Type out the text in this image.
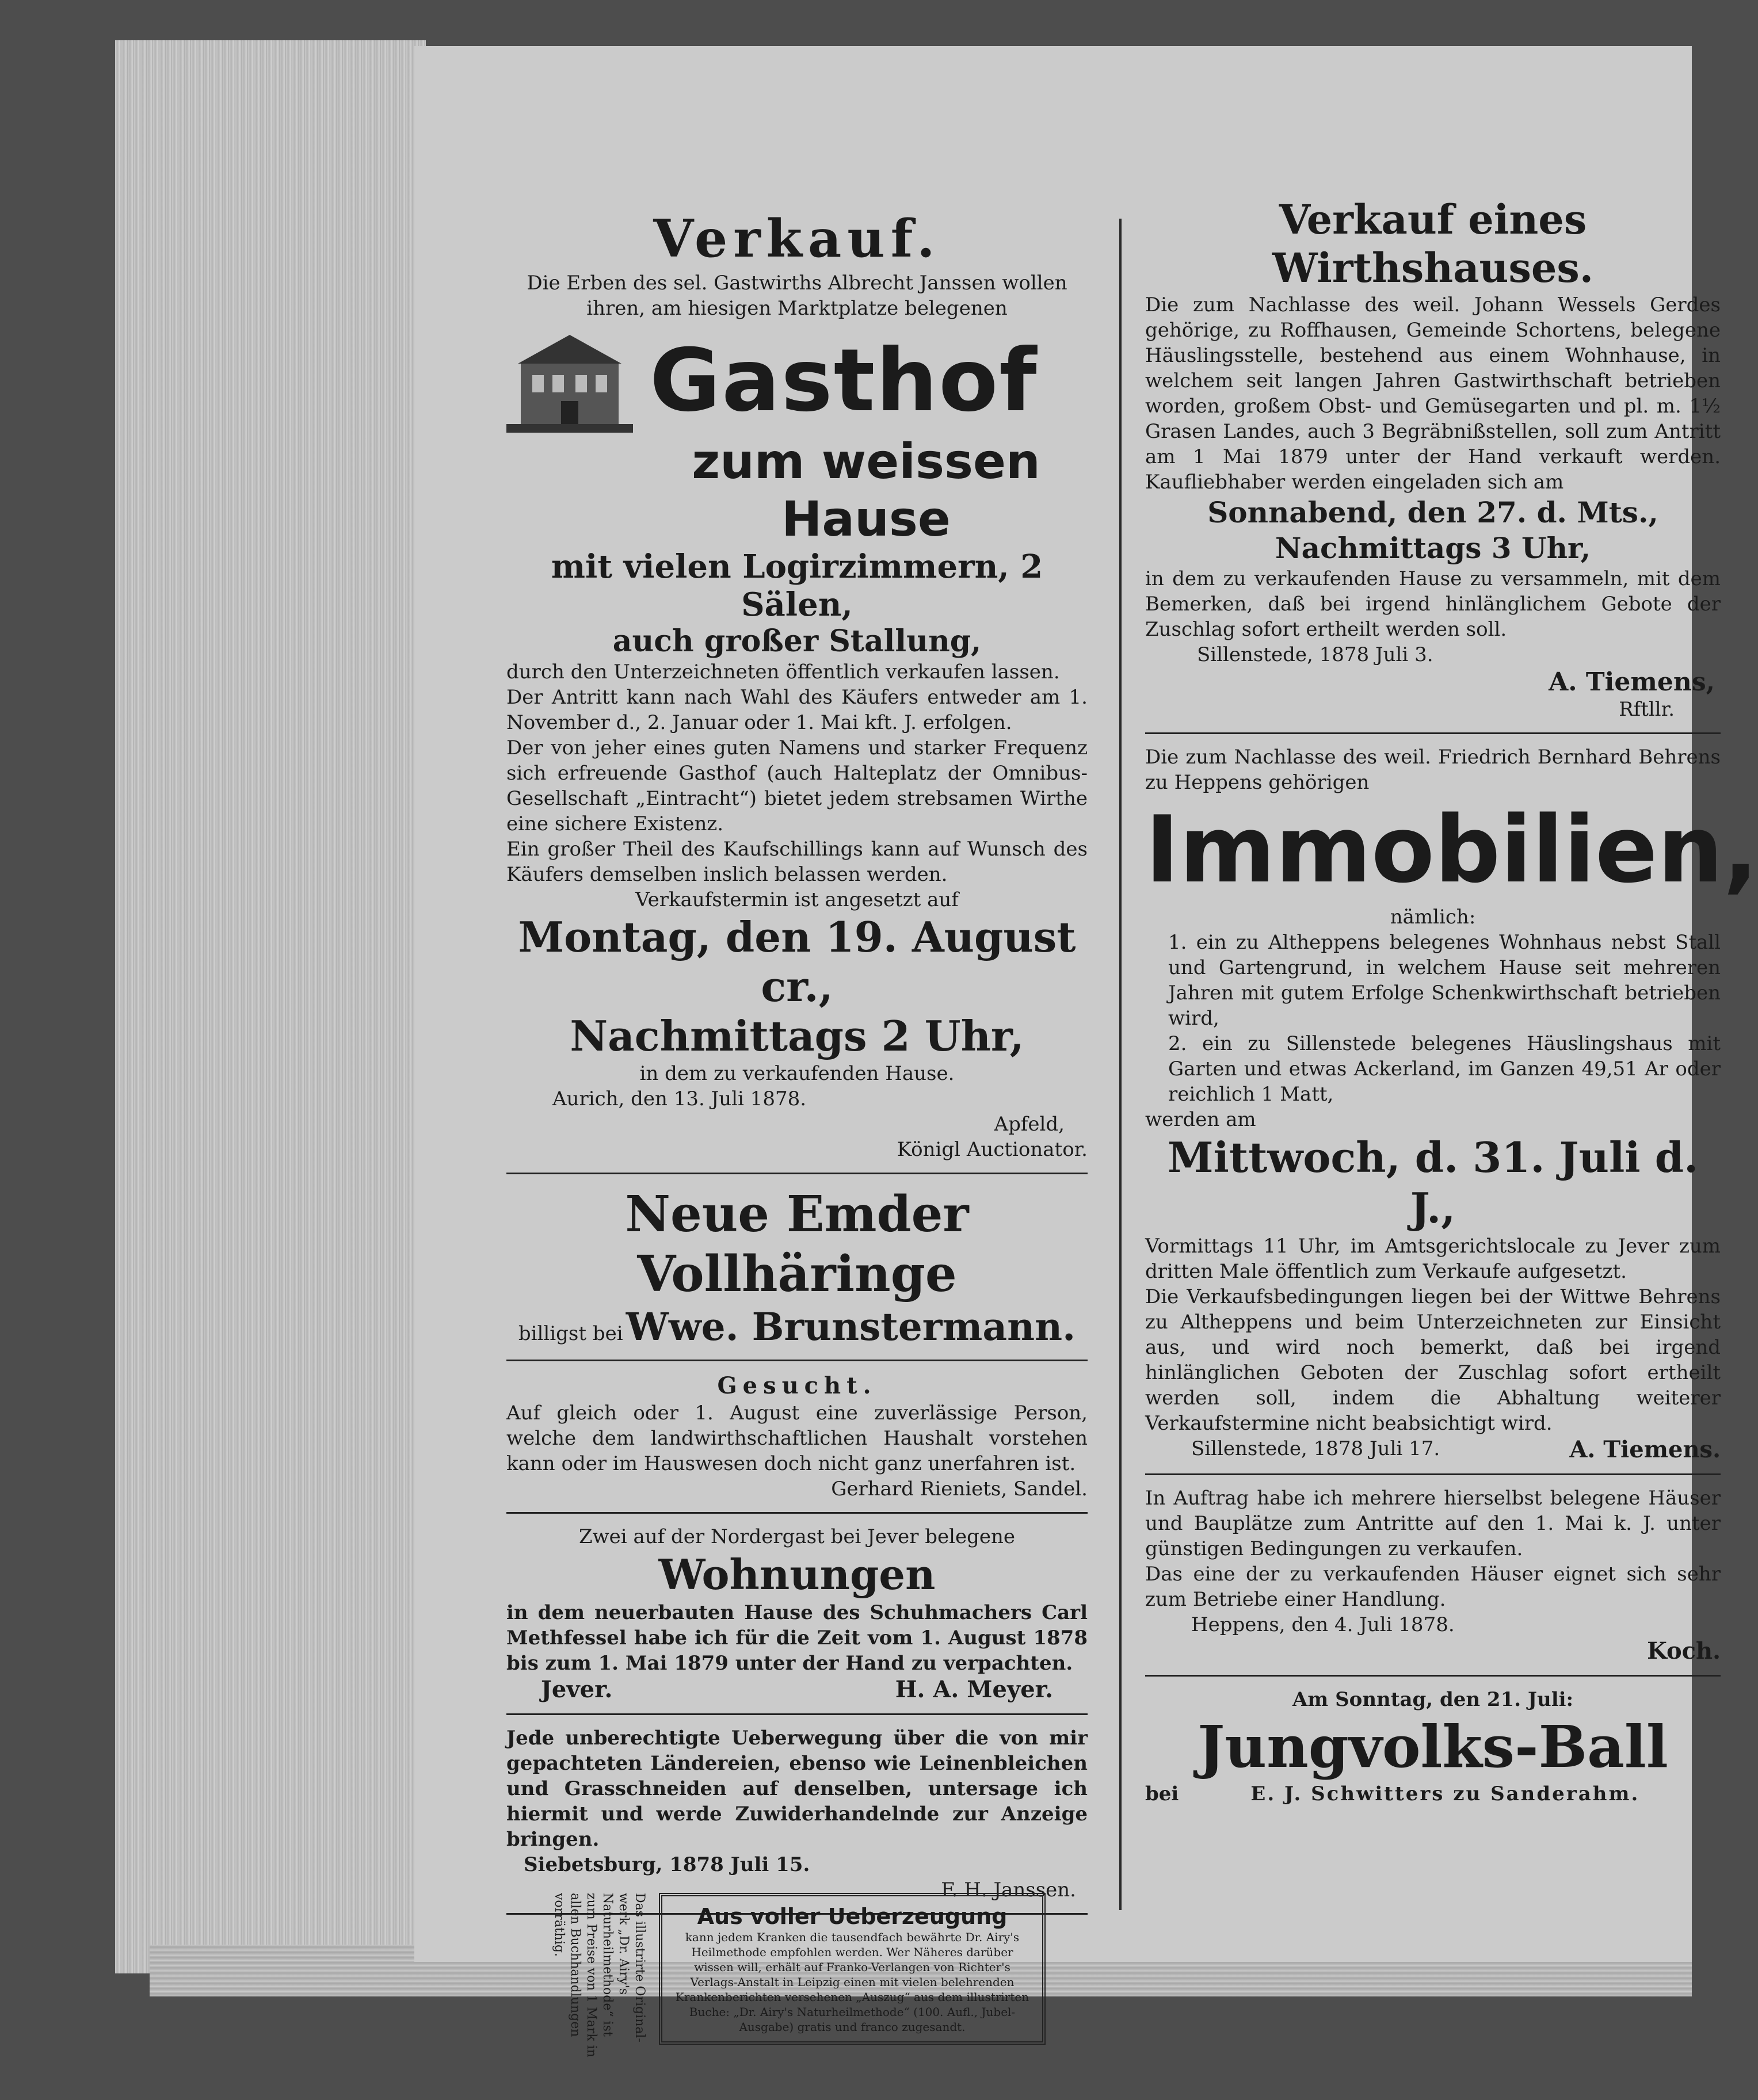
Verkauf.

Die Erben des sel. Gastwirths Albrecht Janssen wollen ihren, am hiesigen Marktplatze belegenen

Gasthof

zum weissen Hause

mit vielen Logirzimmern, 2 Sälen,

auch großer Stallung,

durch den Unterzeichneten öffentlich verkaufen lassen.

Der Antritt kann nach Wahl des Käufers entweder am 1. November d., 2. Januar oder 1. Mai kft. J. erfolgen.

Der von jeher eines guten Namens und starker Frequenz sich erfreuende Gasthof (auch Halteplatz der Omnibus-Gesellschaft „Eintracht“) bietet jedem strebsamen Wirthe eine sichere Existenz.

Ein großer Theil des Kaufschillings kann auf Wunsch des Käufers demselben inslich belassen werden.

Verkaufstermin ist angesetzt auf

Montag, den 19. August cr.,

Nachmittags 2 Uhr,

in dem zu verkaufenden Hause.

Aurich, den 13. Juli 1878.

Apfeld,

Königl Auctionator.

Neue Emder Vollhäringe

billigst bei Wwe. Brunstermann.

Gesucht.

Auf gleich oder 1. August eine zuverlässige Person, welche dem landwirthschaftlichen Haushalt vorstehen kann oder im Hauswesen doch nicht ganz unerfahren ist.

Gerhard Rieniets, Sandel.

Zwei auf der Nordergast bei Jever belegene

Wohnungen

in dem neuerbauten Hause des Schuhmachers Carl Methfessel habe ich für die Zeit vom 1. August 1878 bis zum 1. Mai 1879 unter der Hand zu verpachten.

Jever.	H. A. Meyer.

Jede unberechtigte Ueberwegung über die von mir gepachteten Ländereien, ebenso wie Leinenbleichen und Grasschneiden auf denselben, untersage ich hiermit und werde Zuwiderhandelnde zur Anzeige bringen.

Siebetsburg, 1878 Juli 15.

F. H. Janssen.

Das illustrirte Original-werk „Dr. Airy's Naturheilmethode“ ist zum Preise von 1 Mark in allen Buchhandlungen vorräthig.	Aus voller Ueberzeugung

kann jedem Kranken die tausendfach bewährte Dr. Airy's Heilmethode empfohlen werden. Wer Näheres darüber wissen will, erhält auf Franko-Verlangen von Richter's Verlags-Anstalt in Leipzig einen mit vielen belehrenden Krankenberichten versehenen „Auszug“ aus dem illustrirten Buche: „Dr. Airy's Naturheilmethode“ (100. Aufl., Jubel-Ausgabe) gratis und franco zugesandt.

Verkauf eines Wirthshauses.

Die zum Nachlasse des weil. Johann Wessels Gerdes gehörige, zu Roffhausen, Gemeinde Schortens, belegene Häuslingsstelle, bestehend aus einem Wohnhause, in welchem seit langen Jahren Gastwirthschaft betrieben worden, großem Obst- und Gemüsegarten und pl. m. 1½ Grasen Landes, auch 3 Begräbnißstellen, soll zum Antritt am 1 Mai 1879 unter der Hand verkauft werden. Kaufliebhaber werden eingeladen sich am

Sonnabend, den 27. d. Mts.,

Nachmittags 3 Uhr,

in dem zu verkaufenden Hause zu versammeln, mit dem Bemerken, daß bei irgend hinlänglichem Gebote der Zuschlag sofort ertheilt werden soll.

Sillenstede, 1878 Juli 3.

A. Tiemens,

Rftllr.

Die zum Nachlasse des weil. Friedrich Bernhard Behrens zu Heppens gehörigen

Immobilien,

nämlich:

1. ein zu Altheppens belegenes Wohnhaus nebst Stall und Gartengrund, in welchem Hause seit mehreren Jahren mit gutem Erfolge Schenkwirthschaft betrieben wird,

2. ein zu Sillenstede belegenes Häuslingshaus mit Garten und etwas Ackerland, im Ganzen 49,51 Ar oder reichlich 1 Matt,

werden am

Mittwoch, d. 31. Juli d. J.,

Vormittags 11 Uhr, im Amtsgerichtslocale zu Jever zum dritten Male öffentlich zum Verkaufe aufgesetzt.

Die Verkaufsbedingungen liegen bei der Wittwe Behrens zu Altheppens und beim Unterzeichneten zur Einsicht aus, und wird noch bemerkt, daß bei irgend hinlänglichen Geboten der Zuschlag sofort ertheilt werden soll, indem die Abhaltung weiterer Verkaufstermine nicht beabsichtigt wird.

Sillenstede, 1878 Juli 17.	A. Tiemens.

In Auftrag habe ich mehrere hierselbst belegene Häuser und Bauplätze zum Antritte auf den 1. Mai k. J. unter günstigen Bedingungen zu verkaufen.

Das eine der zu verkaufenden Häuser eignet sich sehr zum Betriebe einer Handlung.

Heppens, den 4. Juli 1878.

Koch.

Am Sonntag, den 21. Juli:

Jungvolks-Ball

bei	E. J. Schwitters zu Sanderahm.
